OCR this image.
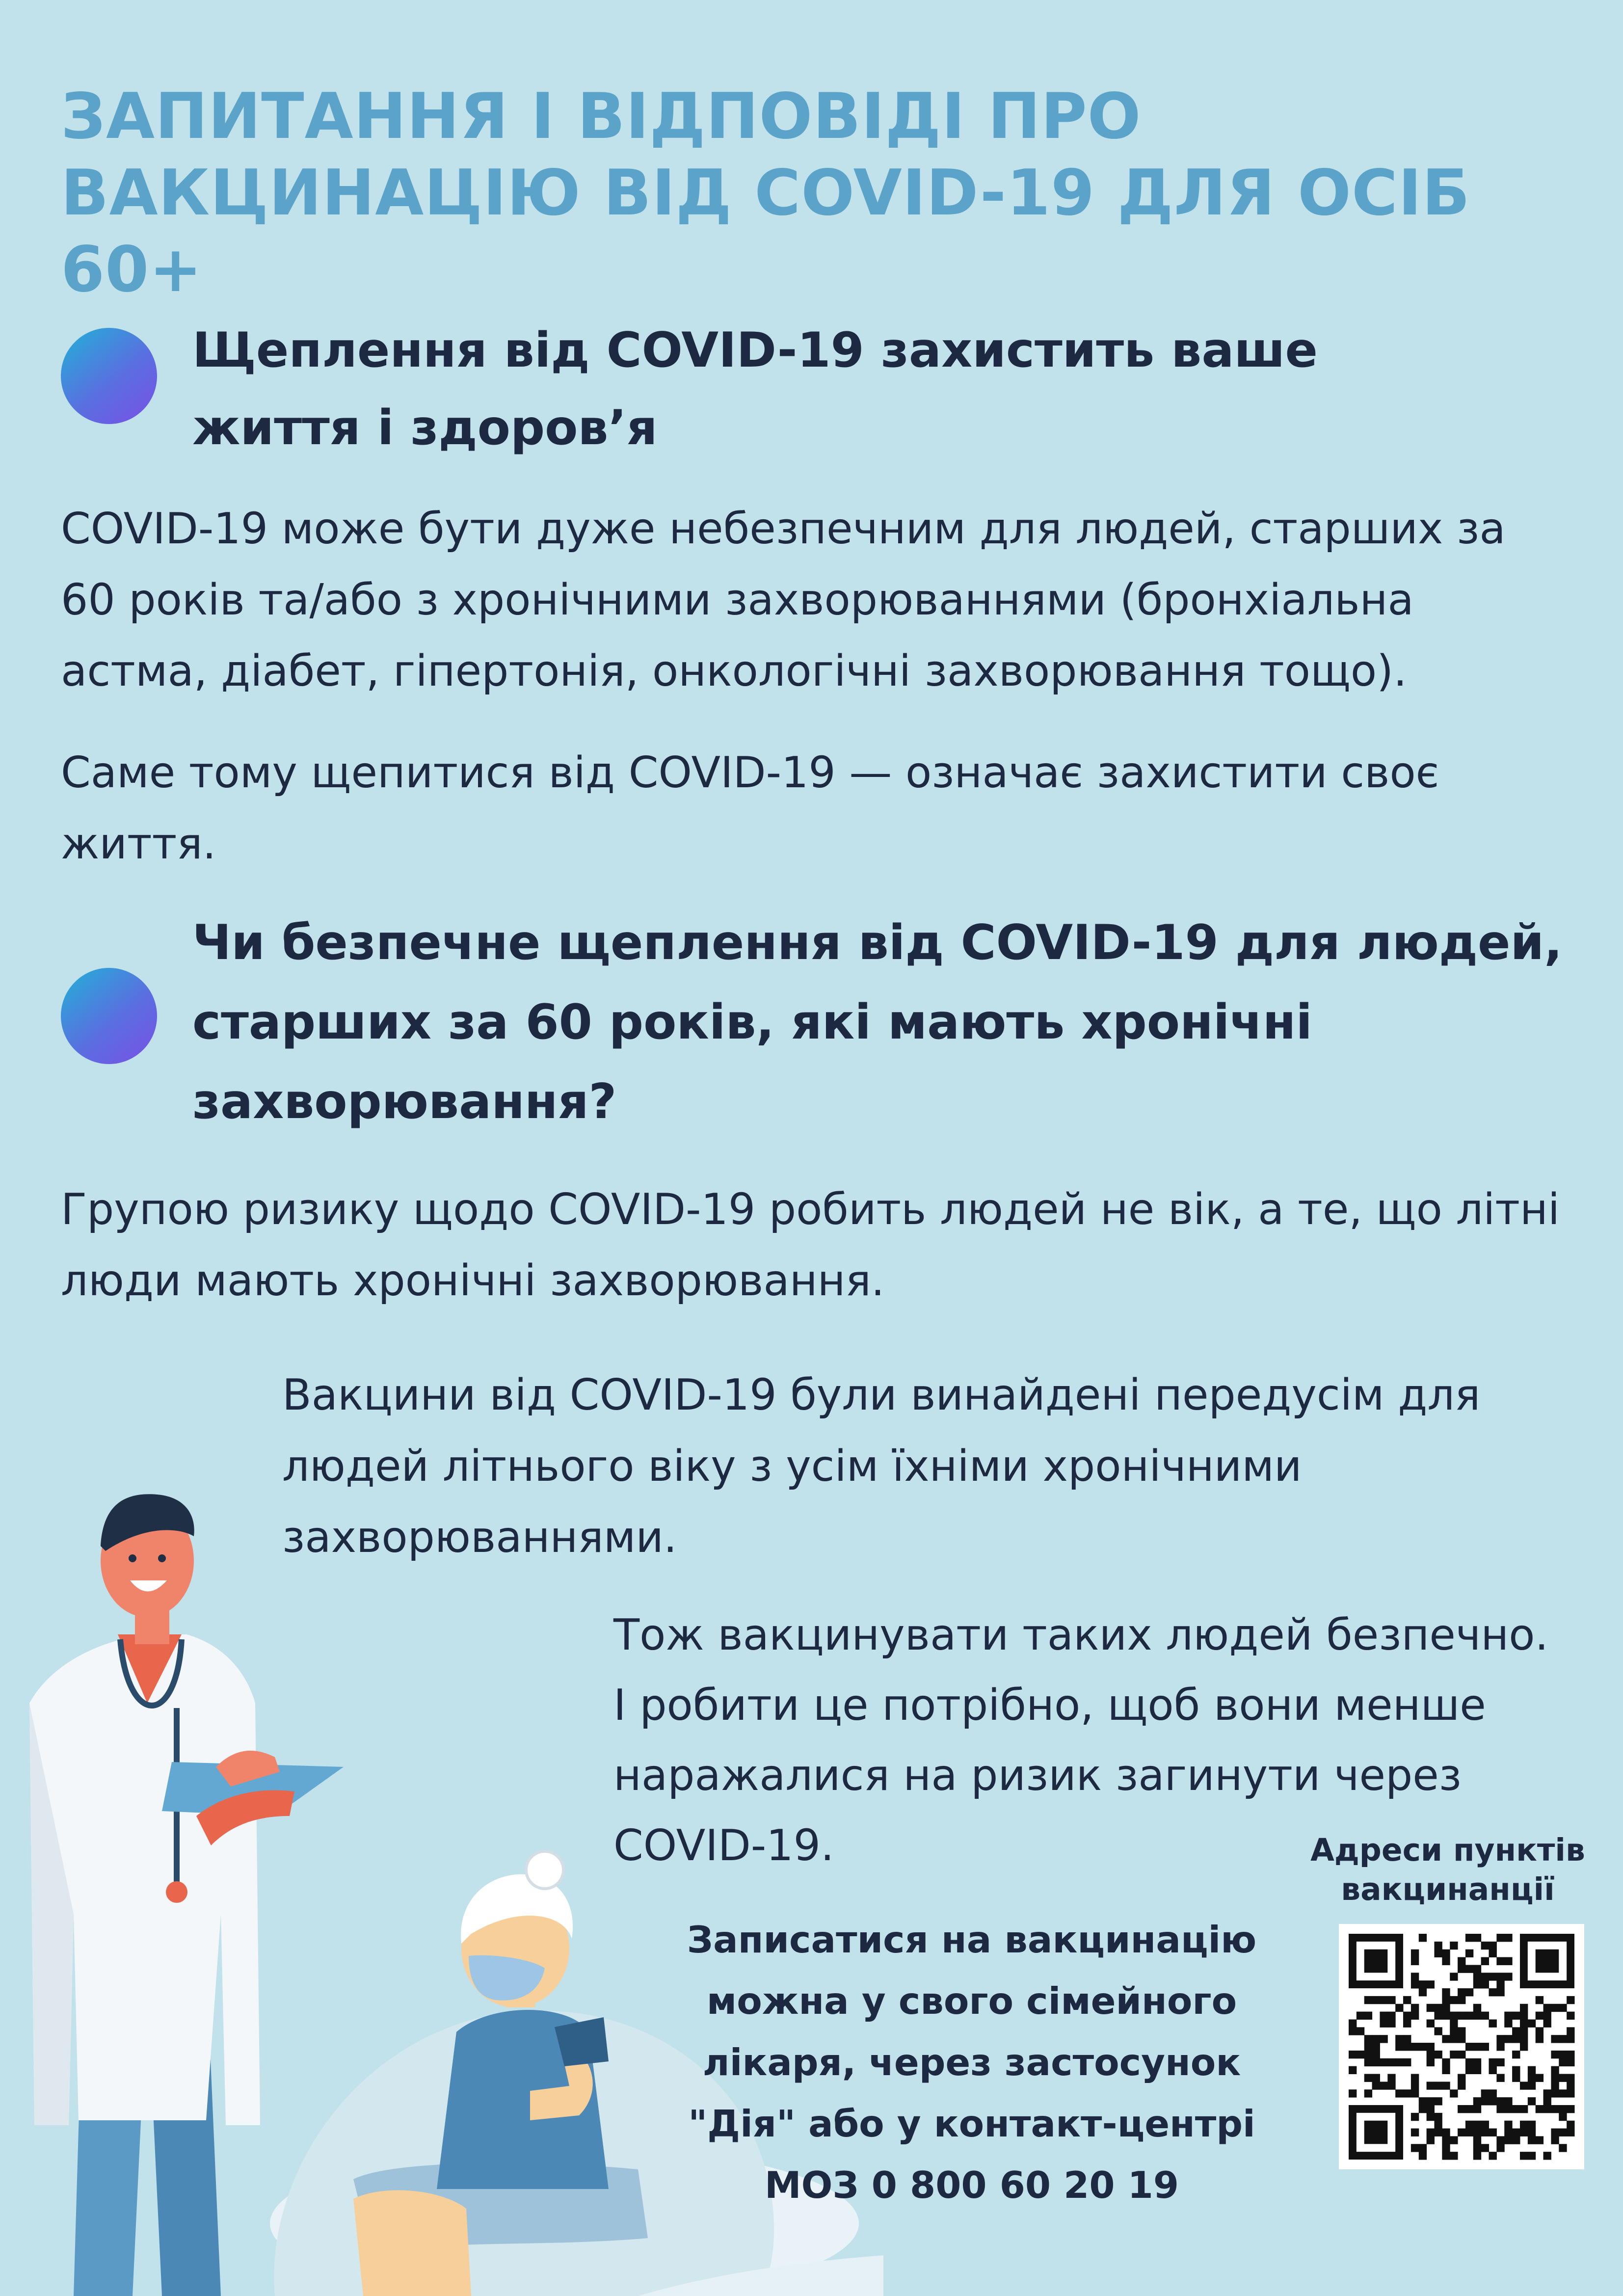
ЗАПИТАННЯ І ВІДПОВІДІ ПРО
ВАКЦИНАЦІЮ ВІД COVID-19 ДЛЯ ОСІБ 60+
Щеплення від COVID-19 захистить ваше
життя і здоров’я
COVID-19 може бути дуже небезпечним для людей, старших за
60 років та/або з хронічними захворюваннями (бронхіальна
астма, діабет, гіпертонія, онкологічні захворювання тощо).
Саме тому щепитися від COVID-19 — означає захистити своє
життя.
Чи безпечне щеплення від COVID-19 для людей,
старших за 60 років, які мають хронічні
захворювання?
Групою ризику щодо COVID-19 робить людей не вік, а те, що літні
люди мають хронічні захворювання.
Вакцини від COVID-19 були винайдені передусім для
людей літнього віку з усім їхніми хронічними
захворюваннями.
Тож вакцинувати таких людей безпечно.
І робити це потрібно, щоб вони менше
наражалися на ризик загинути через
COVID-19.
Записатися на вакцинацію
можна у свого сімейного
лікаря, через застосунок
"Дія" або у контакт-центрі
МОЗ 0 800 60 20 19
Адреси пунктів
вакцинанції
